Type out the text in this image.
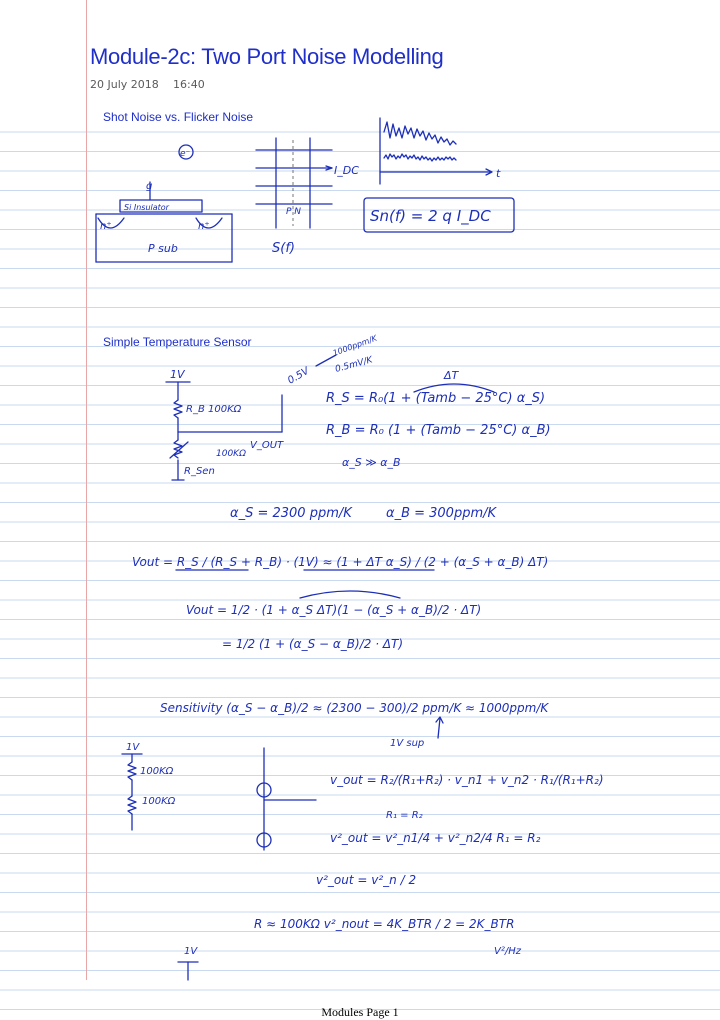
Module-2c: Two Port Noise Modelling
20 July 2018 16:40
Shot Noise vs. Flicker Noise
Simple Temperature Sensor
e⁻
g
Si Insulator
n⁺	n⁺
P sub
I_DC
P N
S(f)
t
Sn(f) = 2 q I_DC
1V
R_B 100KΩ
100KΩ
V_OUT
R_Sen
0.5V
1000ppm/K
0.5mV/K
ΔT
R_S = R₀(1 + (Tamb − 25°C) α_S)
R_B = R₀ (1 + (Tamb − 25°C) α_B)
α_S ≫ α_B
α_S = 2300 ppm/K	α_B = 300ppm/K
Vout = R_S / (R_S + R_B) · (1V) ≈ (1 + ΔT α_S) / (2 + (α_S + α_B) ΔT)
Vout = 1/2 · (1 + α_S ΔT)(1 − (α_S + α_B)/2 · ΔT)
= 1/2 (1 + (α_S − α_B)/2 · ΔT)
Sensitivity (α_S − α_B)/2 ≈ (2300 − 300)/2 ppm/K ≈ 1000ppm/K
1V sup
1V
100KΩ
100KΩ
v_out = R₂/(R₁+R₂) · v_n1 + v_n2 · R₁/(R₁+R₂)
R₁ = R₂
v²_out = v²_n1/4 + v²_n2/4 R₁ = R₂
v²_out = v²_n / 2
R ≈ 100KΩ v²_nout = 4K_BTR / 2 = 2K_BTR
V²/Hz
1V
Modules Page 1
